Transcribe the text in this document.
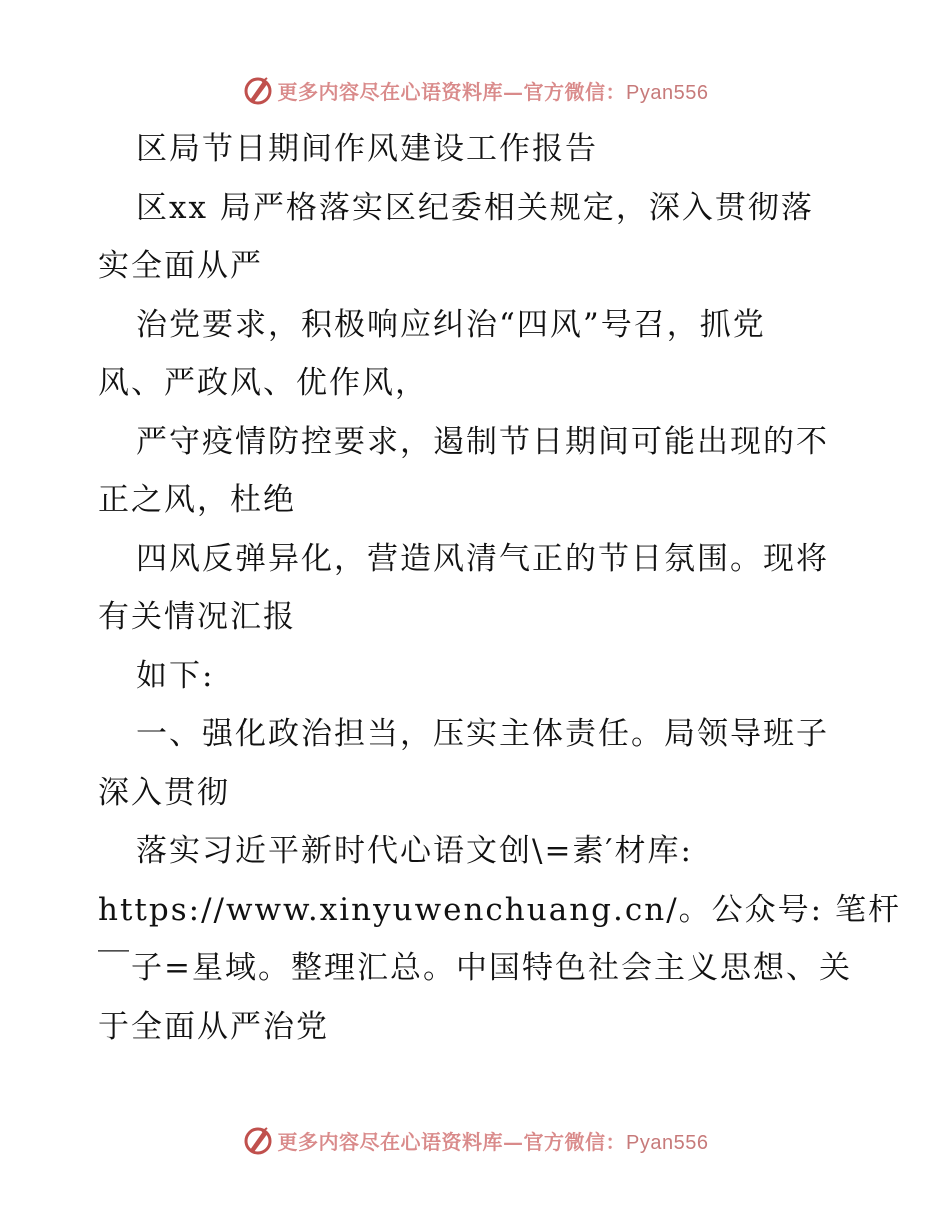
更多内容尽在心语资料库—官方微信：Pyan556
区局节日期间作风建设工作报告
区xx 局严格落实区纪委相关规定，深入贯彻落
实全面从严
治党要求，积极响应纠治“四风”号召，抓党
风、严政风、优作风，
严守疫情防控要求，遏制节日期间可能出现的不
正之风，杜绝
四风反弹异化，营造风清气正的节日氛围。现将
有关情况汇报
如下:
一、强化政治担当，压实主体责任。局领导班子
深入贯彻
落实习近平新时代心语文创\=素′材库:
https://www.xinyuwenchuang.cn/。公众号: 笔杆
￣子=星域。整理汇总。中国特色社会主义思想、关
于全面从严治党
更多内容尽在心语资料库—官方微信：Pyan556
